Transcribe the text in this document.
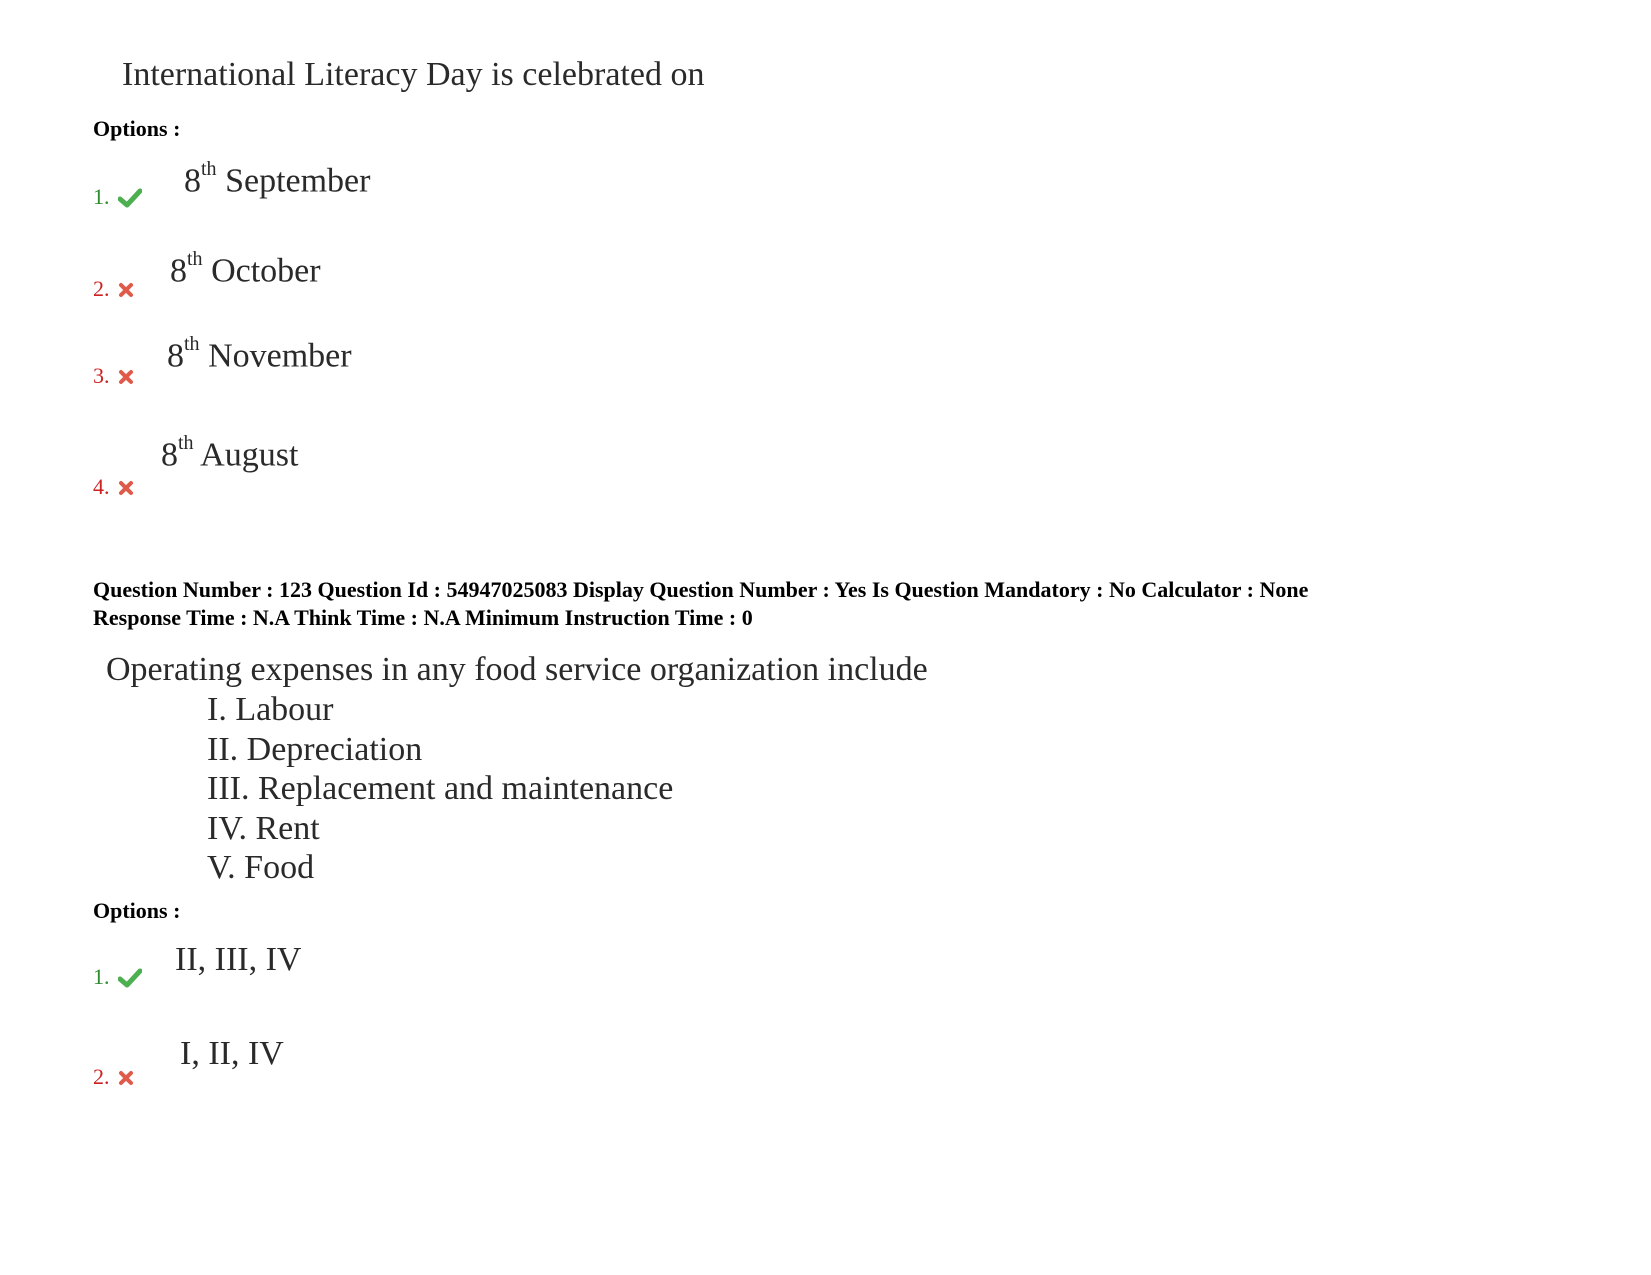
International Literacy Day is celebrated on
Options :
1.	8th September
2.	8th October
3.
8th November
4.
8th August
Question Number : 123 Question Id : 54947025083 Display Question Number : Yes Is Question Mandatory : No Calculator : None
Response Time : N.A Think Time : N.A Minimum Instruction Time : 0
Operating expenses in any food service organization include
I. Labour
II. Depreciation
III. Replacement and maintenance
IV. Rent
V. Food
Options :
1.	II, III, IV
2.
I, II, IV
